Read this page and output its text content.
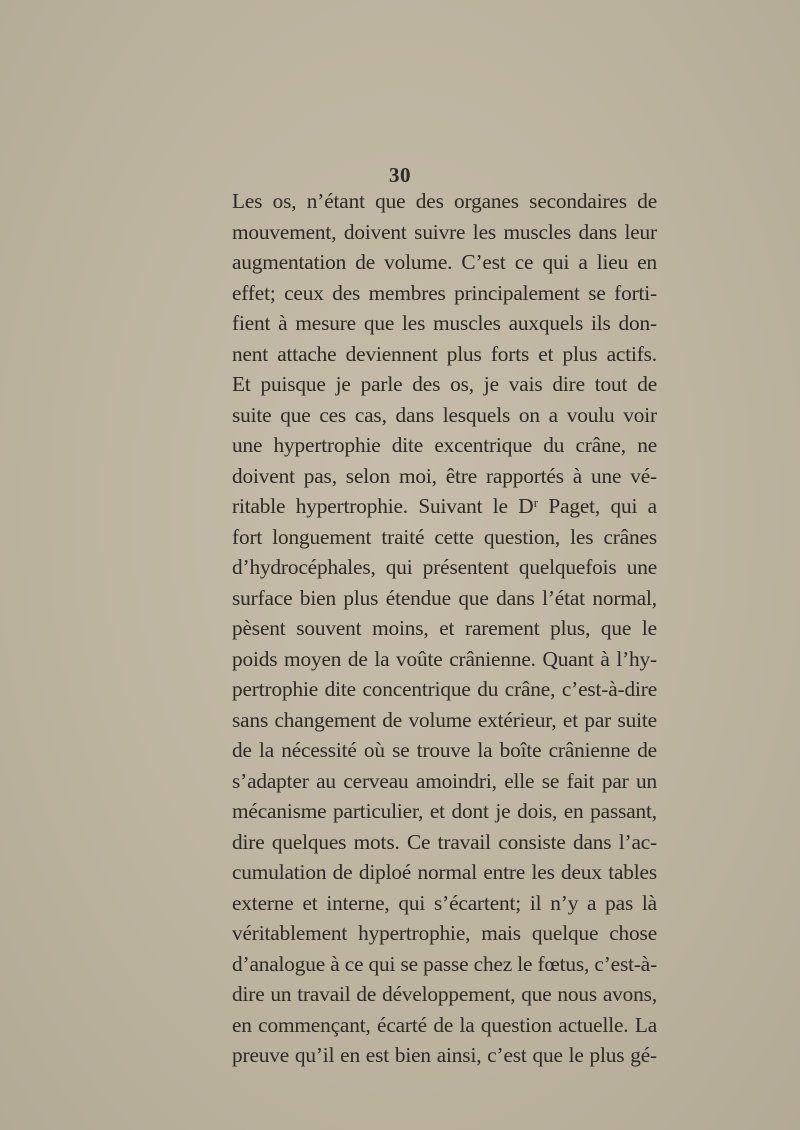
30
Les os, n’étant que des organes secondaires de
mouvement, doivent suivre les muscles dans leur
augmentation de volume. C’est ce qui a lieu en
effet; ceux des membres principalement se forti-
fient à mesure que les muscles auxquels ils don-
nent attache deviennent plus forts et plus actifs.
Et puisque je parle des os, je vais dire tout de
suite que ces cas, dans lesquels on a voulu voir
une hypertrophie dite excentrique du crâne, ne
doivent pas, selon moi, être rapportés à une vé-
ritable hypertrophie. Suivant le Dʳ Paget, qui a
fort longuement traité cette question, les crânes
d’hydrocéphales, qui présentent quelquefois une
surface bien plus étendue que dans l’état normal,
pèsent souvent moins, et rarement plus, que le
poids moyen de la voûte crânienne. Quant à l’hy-
pertrophie dite concentrique du crâne, c’est-à-dire
sans changement de volume extérieur, et par suite
de la nécessité où se trouve la boîte crânienne de
s’adapter au cerveau amoindri, elle se fait par un
mécanisme particulier, et dont je dois, en passant,
dire quelques mots. Ce travail consiste dans l’ac-
cumulation de diploé normal entre les deux tables
externe et interne, qui s’écartent; il n’y a pas là
véritablement hypertrophie, mais quelque chose
d’analogue à ce qui se passe chez le fœtus, c’est-à-
dire un travail de développement, que nous avons,
en commençant, écarté de la question actuelle. La
preuve qu’il en est bien ainsi, c’est que le plus gé-
